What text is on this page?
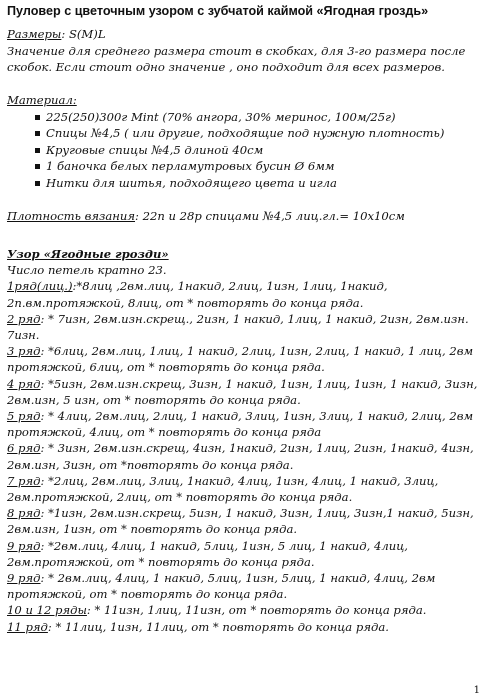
Пуловер с цветочным узором с зубчатой каймой «Ягодная гроздь»
Размеры: S(M)L
Значение для среднего размера стоит в скобках, для 3-го размера после
скобок. Если стоит одно значение , оно подходит для всех размеров.
Материал:
225(250)300г Mint (70% ангора, 30% меринос, 100м/25г)
Спицы №4,5 ( или другие, подходящие под нужную плотность)
Круговые спицы №4,5 длиной 40см
1 баночка белых перламутровых бусин Ø 6мм
Нитки для шитья, подходящего цвета и игла
Плотность вязания: 22п и 28р спицами №4,5 лиц.гл.= 10х10см
Узор «Ягодные грозди»
Число петель кратно 23.
1ряд(лиц.):*8лиц ,2вм.лиц, 1накид, 2лиц, 1изн, 1лиц, 1накид,
2п.вм.протяжкой, 8лиц, от * повторять до конца ряда.
2 ряд: * 7изн, 2вм.изн.скрещ., 2изн, 1 накид, 1лиц, 1 накид, 2изн, 2вм.изн.
7изн.
3 ряд: *6лиц, 2вм.лиц, 1лиц, 1 накид, 2лиц, 1изн, 2лиц, 1 накид, 1 лиц, 2вм
протяжкой, 6лиц, от * повторять до конца ряда.
4 ряд: *5изн, 2вм.изн.скрещ, 3изн, 1 накид, 1изн, 1лиц, 1изн, 1 накид, 3изн,
2вм.изн, 5 изн, от * повторять до конца ряда.
5 ряд: * 4лиц, 2вм.лиц, 2лиц, 1 накид, 3лиц, 1изн, 3лиц, 1 накид, 2лиц, 2вм
протяжкой, 4лиц, от * повторять до конца ряда
6 ряд: * 3изн, 2вм.изн.скрещ, 4изн, 1накид, 2изн, 1лиц, 2изн, 1накид, 4изн,
2вм.изн, 3изн, от *повторять до конца ряда.
7 ряд: *2лиц, 2вм.лиц, 3лиц, 1накид, 4лиц, 1изн, 4лиц, 1 накид, 3лиц,
2вм.протяжкой, 2лиц, от * повторять до конца ряда.
8 ряд: *1изн, 2вм.изн.скрещ, 5изн, 1 накид, 3изн, 1лиц, 3изн,1 накид, 5изн,
2вм.изн, 1изн, от * повторять до конца ряда.
9 ряд: *2вм.лиц, 4лиц, 1 накид, 5лиц, 1изн, 5 лиц, 1 накид, 4лиц,
2вм.протяжкой, от * повторять до конца ряда.
9 ряд: * 2вм.лиц, 4лиц, 1 накид, 5лиц, 1изн, 5лиц, 1 накид, 4лиц, 2вм
протяжкой, от * повторять до конца ряда.
10 и 12 ряды: * 11изн, 1лиц, 11изн, от * повторять до конца ряда.
11 ряд: * 11лиц, 1изн, 11лиц, от * повторять до конца ряда.
1
